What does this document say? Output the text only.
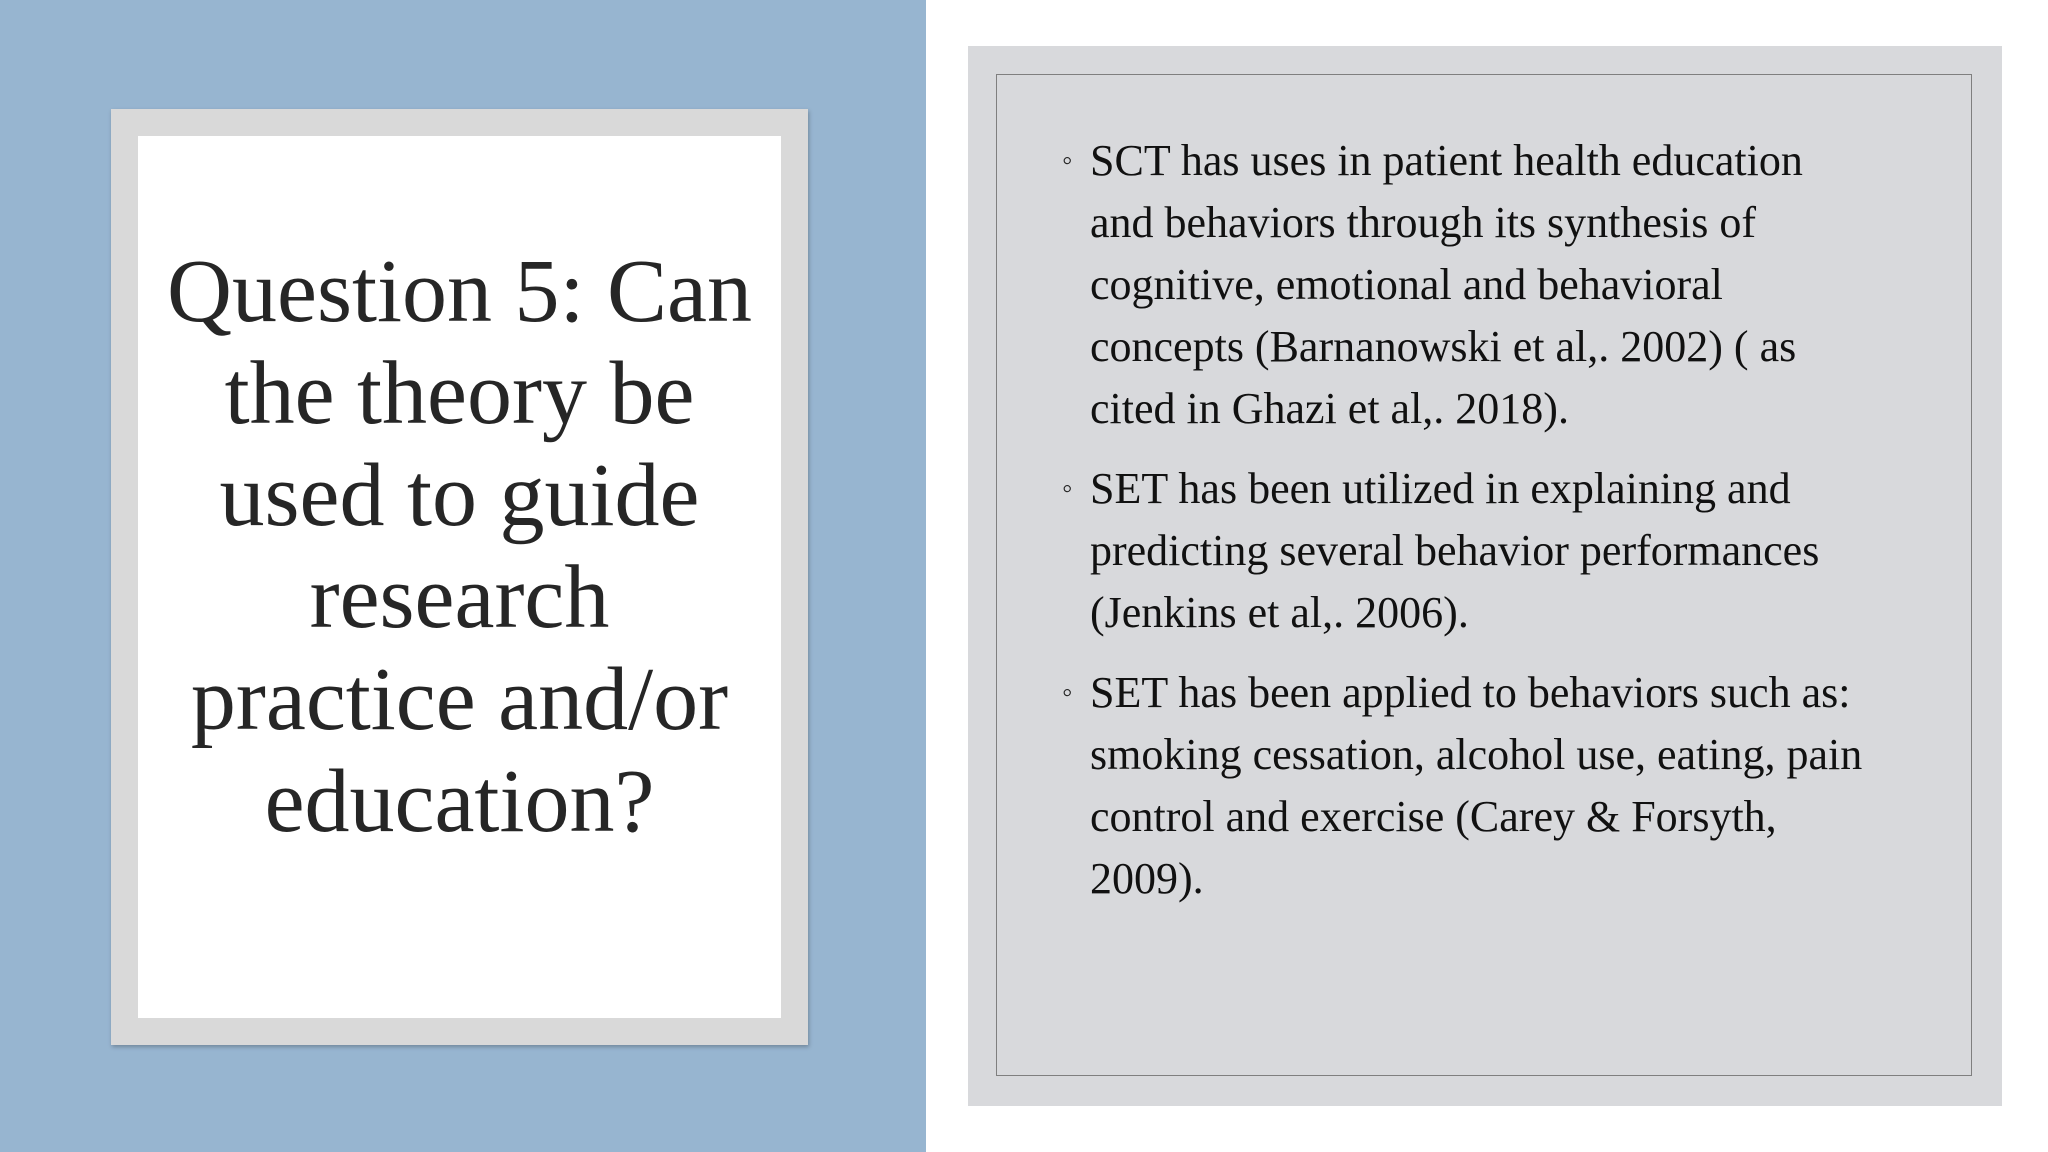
Question 5: Can the theory be used to guide research practice and/or education?
◦ SCT has uses in patient health education and behaviors through its synthesis of cognitive, emotional and behavioral concepts (Barnanowski et al,. 2002) ( as cited in Ghazi et al,. 2018).
◦ SET has been utilized in explaining and predicting several behavior performances (Jenkins et al,. 2006).
◦ SET has been applied to behaviors such as: smoking cessation, alcohol use, eating, pain control and exercise (Carey & Forsyth, 2009).
